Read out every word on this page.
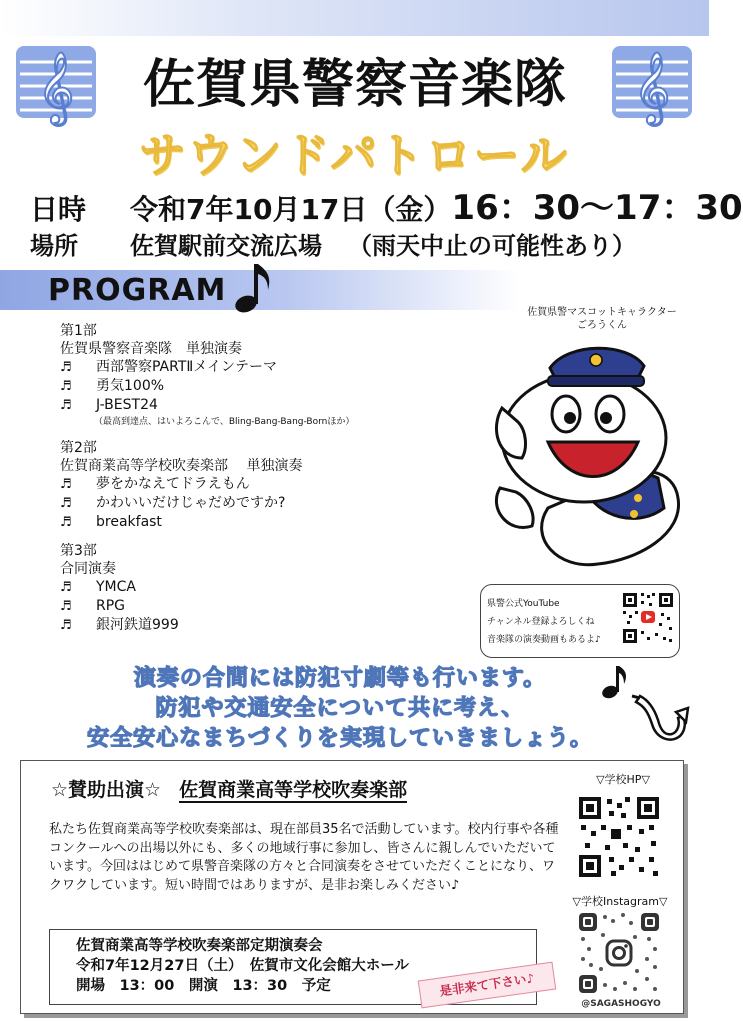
𝄞	𝄞
佐賀県警察音楽隊
サウンドパトロール
日時 令和7年10月17日（金）16：30〜17：30
場所 佐賀駅前交流広場 （雨天中止の可能性あり）
PROGRAM
佐賀県警マスコットキャラクター
ごろうくん
第1部
佐賀県警察音楽隊　単独演奏
♬	西部警察PARTⅡメインテーマ
♬	勇気100%
♬	J-BEST24
（最高到達点、はいよろこんで、Bling-Bang-Bang-Bornほか）
第2部
佐賀商業高等学校吹奏楽部　 単独演奏
♬	夢をかなえてドラえもん
♬	かわいいだけじゃだめですか?
♬	breakfast
第3部
合同演奏
♬	YMCA
♬	RPG
♬	銀河鉄道999
県警公式YouTube
チャンネル登録よろしくね
音楽隊の演奏動画もあるよ♪
演奏の合間には防犯寸劇等も行います。
防犯や交通安全について共に考え、
安全安心なまちづくりを実現していきましょう。
☆賛助出演☆ 佐賀商業高等学校吹奏楽部
私たち佐賀商業高等学校吹奏楽部は、現在部員35名で活動しています。校内行事や各種コンクールへの出場以外にも、多くの地域行事に参加し、皆さんに親しんでいただいています。今回ははじめて県警音楽隊の方々と合同演奏をさせていただくことになり、ワクワクしています。短い時間ではありますが、是非お楽しみください♪
佐賀商業高等学校吹奏楽部定期演奏会
令和7年12月27日（土）　佐賀市文化会館大ホール
開場　13：00　開演　13：30　予定	是非来て下さい♪
▽学校HP▽
▽学校Instagram▽
@SAGASHOGYO
